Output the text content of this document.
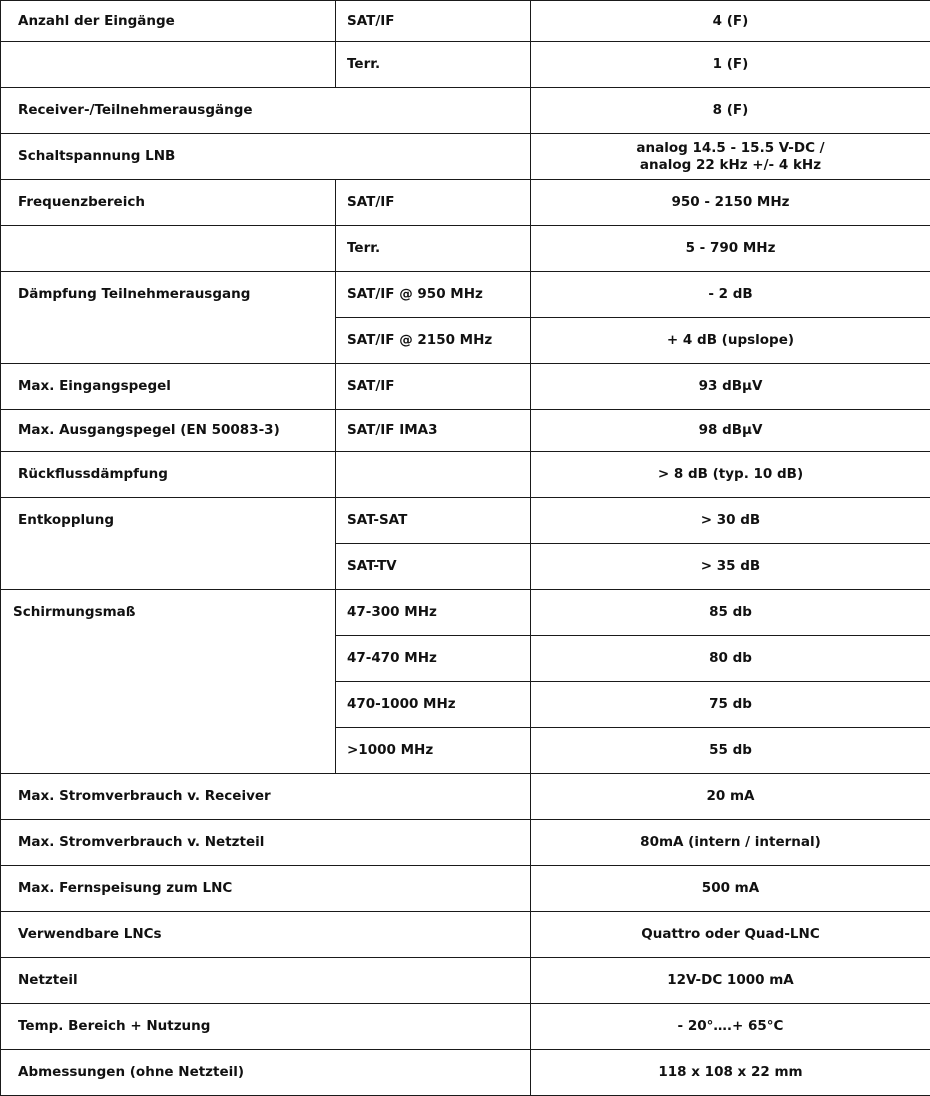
Anzahl der Eingänge	SAT/IF	4 (F)
	Terr.	1 (F)
Receiver-/Teilnehmerausgänge		8 (F)
Schaltspannung LNB		analog 14.5 - 15.5 V-DC /
analog 22 kHz +/- 4 kHz

Frequenzbereich	SAT/IF	950 - 2150 MHz
	Terr.	5 - 790 MHz
Dämpfung Teilnehmerausgang	SAT/IF @ 950 MHz	- 2 dB
	SAT/IF @ 2150 MHz	+ 4 dB (upslope)
Max. Eingangspegel	SAT/IF	93 dBµV
Max. Ausgangspegel (EN 50083-3)	SAT/IF IMA3	98 dBµV
Rückflussdämpfung		> 8 dB (typ. 10 dB)
Entkopplung	SAT-SAT	> 30 dB
	SAT-TV	> 35 dB
Schirmungsmaß	47-300 MHz	85 db
	47-470 MHz	80 db
	470-1000 MHz	75 db
	>1000 MHz	55 db
Max. Stromverbrauch v. Receiver		20 mA
Max. Stromverbrauch v. Netzteil		80mA (intern / internal)
Max. Fernspeisung zum LNC		500 mA
Verwendbare LNCs		Quattro oder Quad-LNC
Netzteil		12V-DC 1000 mA
Temp. Bereich + Nutzung		- 20°….+ 65°C
Abmessungen (ohne Netzteil)		118 x 108 x 22 mm
